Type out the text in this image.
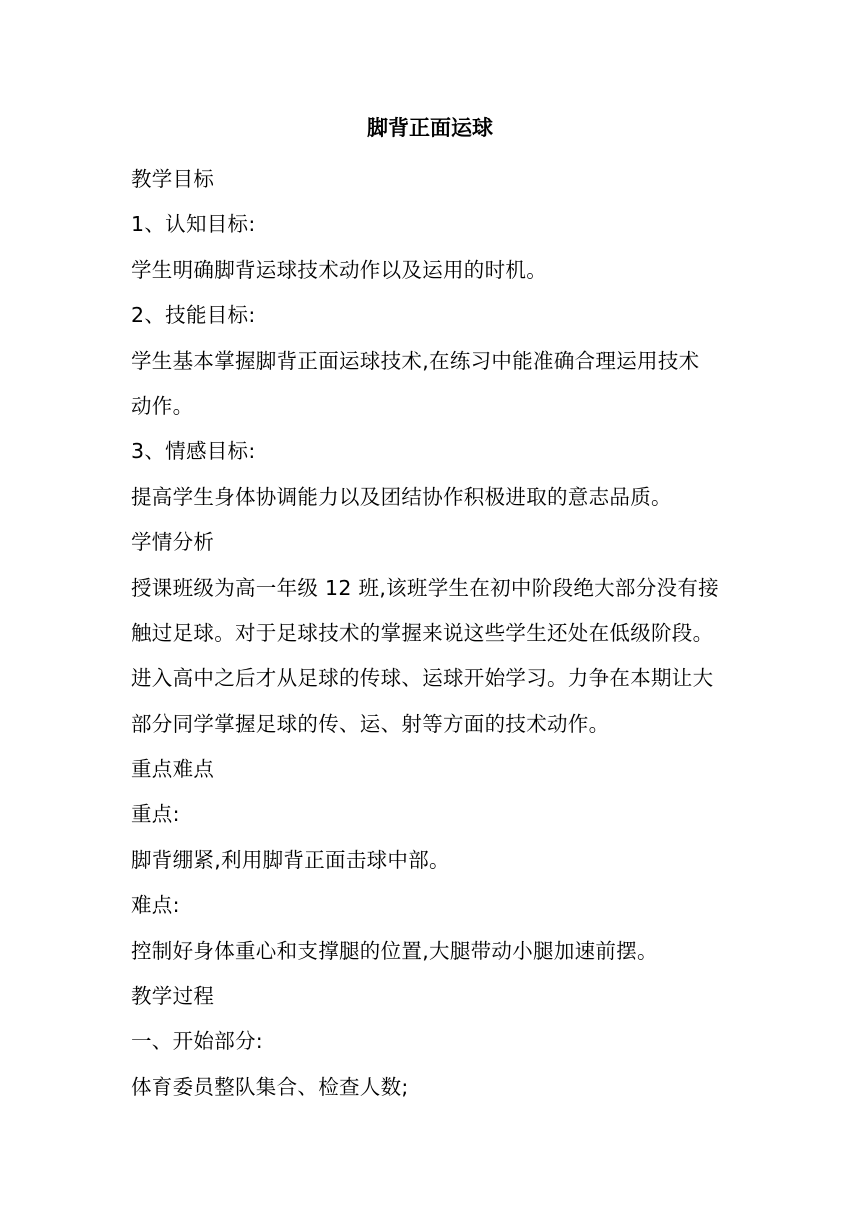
脚背正面运球
教学目标
1、认知目标:
学生明确脚背运球技术动作以及运用的时机。
2、技能目标:
学生基本掌握脚背正面运球技术,在练习中能准确合理运用技术
动作。
3、情感目标:
提高学生身体协调能力以及团结协作积极进取的意志品质。
学情分析
授课班级为高一年级 12 班,该班学生在初中阶段绝大部分没有接
触过足球。对于足球技术的掌握来说这些学生还处在低级阶段。
进入高中之后才从足球的传球、运球开始学习。力争在本期让大
部分同学掌握足球的传、运、射等方面的技术动作。
重点难点
重点:
脚背绷紧,利用脚背正面击球中部。
难点:
控制好身体重心和支撑腿的位置,大腿带动小腿加速前摆。
教学过程
一、开始部分:
体育委员整队集合、检查人数;
